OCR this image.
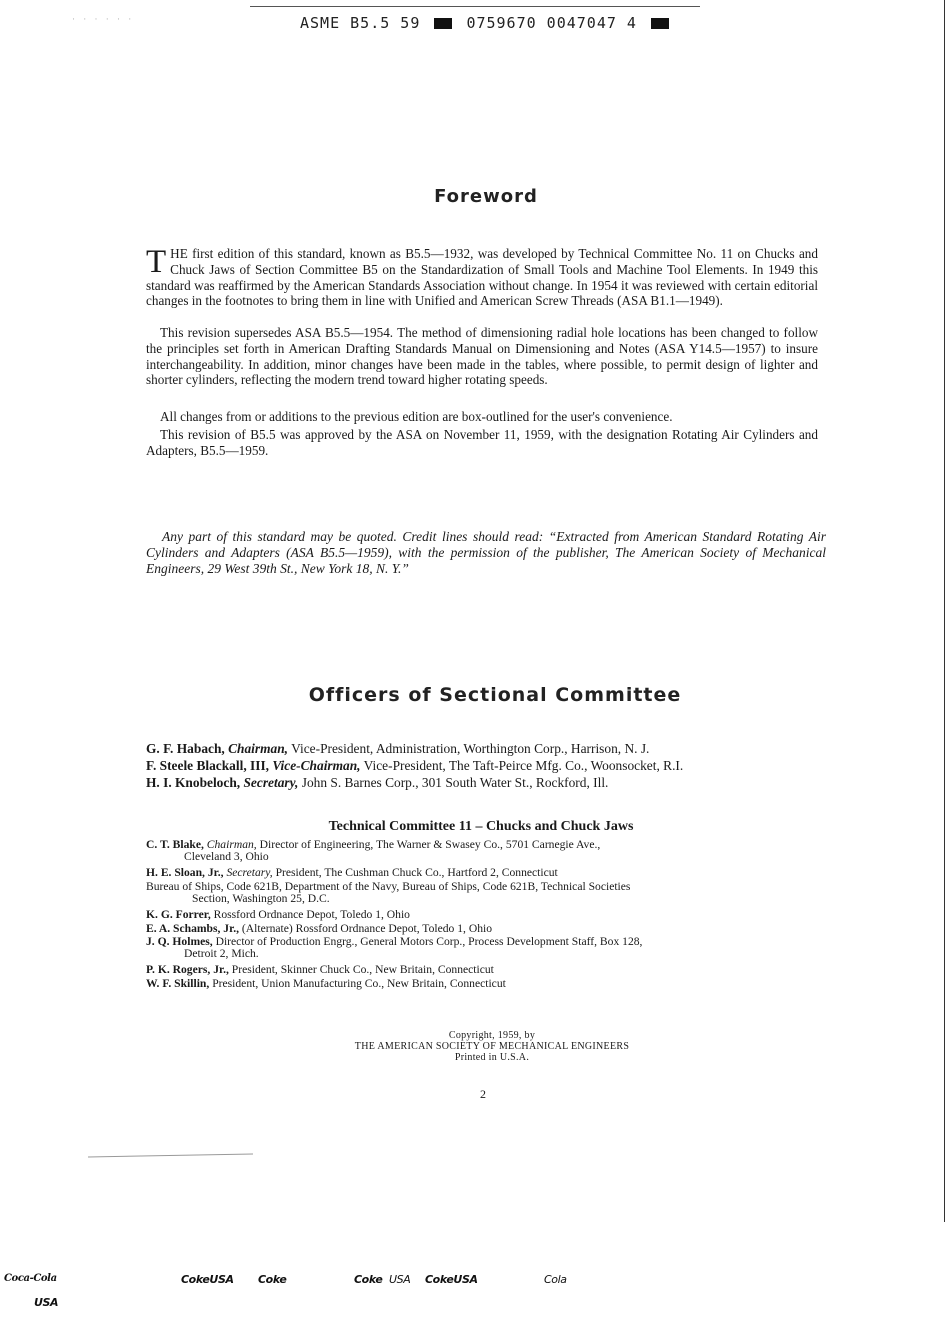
· · · · · ·	ASME B5.5 59	0759670 0047047 4
Foreword

THE first edition of this standard, known as B5.5—1932, was developed by Technical Committee No. 11 on Chucks and Chuck Jaws of Section Committee B5 on the Standardization of Small Tools and Machine Tool Elements. In 1949 this standard was reaffirmed by the American Standards Association without change. In 1954 it was reviewed with certain editorial changes in the footnotes to bring them in line with Unified and American Screw Threads (ASA B1.1—1949).

This revision supersedes ASA B5.5—1954. The method of dimensioning radial hole locations has been changed to follow the principles set forth in American Drafting Standards Manual on Dimensioning and Notes (ASA Y14.5—1957) to insure interchangeability. In addition, minor changes have been made in the tables, where possible, to permit design of lighter and shorter cylinders, reflecting the modern trend toward higher rotating speeds.

All changes from or additions to the previous edition are box-outlined for the user's convenience.

This revision of B5.5 was approved by the ASA on November 11, 1959, with the designation Rotating Air Cylinders and Adapters, B5.5—1959.

Any part of this standard may be quoted. Credit lines should read: “Extracted from American Standard Rotating Air Cylinders and Adapters (ASA B5.5—1959), with the permission of the publisher, The American Society of Mechanical Engineers, 29 West 39th St., New York 18, N. Y.”

Officers of Sectional Committee
G. F. Habach, Chairman, Vice-President, Administration, Worthington Corp., Harrison, N. J.
F. Steele Blackall, III, Vice-Chairman, Vice-President, The Taft-Peirce Mfg. Co., Woonsocket, R.I.
H. I. Knobeloch, Secretary, John S. Barnes Corp., 301 South Water St., Rockford, Ill.
Technical Committee 11 – Chucks and Chuck Jaws
C. T. Blake, Chairman, Director of Engineering, The Warner & Swasey Co., 5701 Carnegie Ave.,
Cleveland 3, Ohio
H. E. Sloan, Jr., Secretary, President, The Cushman Chuck Co., Hartford 2, Connecticut
Bureau of Ships, Code 621B, Department of the Navy, Bureau of Ships, Code 621B, Technical Societies
Section, Washington 25, D.C.
K. G. Forrer, Rossford Ordnance Depot, Toledo 1, Ohio
E. A. Schambs, Jr., (Alternate) Rossford Ordnance Depot, Toledo 1, Ohio
J. Q. Holmes, Director of Production Engrg., General Motors Corp., Process Development Staff, Box 128,
Detroit 2, Mich.
P. K. Rogers, Jr., President, Skinner Chuck Co., New Britain, Connecticut
W. F. Skillin, President, Union Manufacturing Co., New Britain, Connecticut
Copyright, 1959, by
THE AMERICAN SOCIETY OF MECHANICAL ENGINEERS
Printed in U.S.A.
2
Coca-Cola
USA
CokeUSA Coke	Coke USA CokeUSA	Cola
